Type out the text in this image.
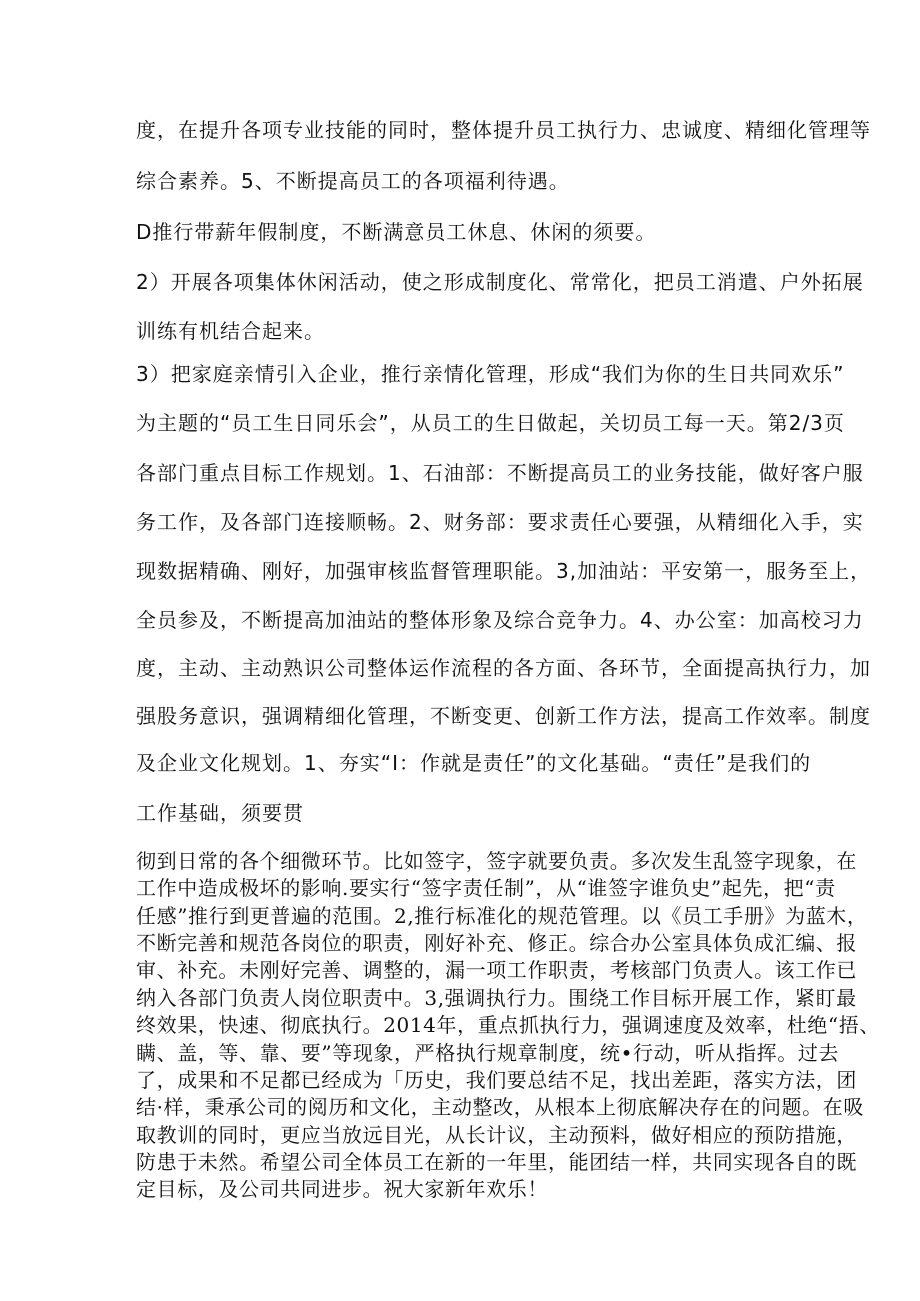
度，在提升各项专业技能的同时，整体提升员工执行力、忠诚度、精细化管理等
综合素养。5、不断提高员工的各项福利待遇。
D推行带薪年假制度，不断满意员工休息、休闲的须要。
2）开展各项集体休闲活动，使之形成制度化、常常化，把员工消遣、户外拓展
训练有机结合起来。
3）把家庭亲情引入企业，推行亲情化管理，形成“我们为你的生日共同欢乐”
为主题的“员工生日同乐会”，从员工的生日做起，关切员工每一天。第2/3页
各部门重点目标工作规划。1、石油部：不断提高员工的业务技能，做好客户服
务工作，及各部门连接顺畅。2、财务部：要求责任心要强，从精细化入手，实
现数据精确、刚好，加强审核监督管理职能。3,加油站：平安第一，服务至上，
全员参及，不断提高加油站的整体形象及综合竞争力。4、办公室：加高校习力
度，主动、主动熟识公司整体运作流程的各方面、各环节，全面提高执行力，加
强股务意识，强调精细化管理，不断变更、创新工作方法，提高工作效率。制度
及企业文化规划。1、夯实“I：作就是责任”的文化基础。“责任”是我们的
工作基础，须要贯
彻到日常的各个细微环节。比如签字，签字就要负责。多次发生乱签字现象，在
工作中造成极坏的影响.要实行“签字责任制”，从“谁签字谁负史”起先，把“责
任感”推行到更普遍的范围。2,推行标准化的规范管理。以《员工手册》为蓝木，
不断完善和规范各岗位的职责，刚好补充、修正。综合办公室具体负成汇编、报
审、补充。未刚好完善、调整的，漏一项工作职责，考核部门负责人。该工作已
纳入各部门负责人岗位职责中。3,强调执行力。围绕工作目标开展工作，紧盯最
终效果，快速、彻底执行。2014年，重点抓执行力，强调速度及效率，杜绝“捂、
瞒、盖，等、靠、要”等现象，严格执行规章制度，统•行动，听从指挥。过去
了，成果和不足都已经成为「历史，我们要总结不足，找出差距，落实方法，团
结·样，秉承公司的阅历和文化，主动整改，从根本上彻底解决存在的问题。在吸
取教训的同时，更应当放远目光，从长计议，主动预料，做好相应的预防措施，
防患于未然。希望公司全体员工在新的一年里，能团结一样，共同实现各自的既
定目标，及公司共同进步。祝大家新年欢乐！
